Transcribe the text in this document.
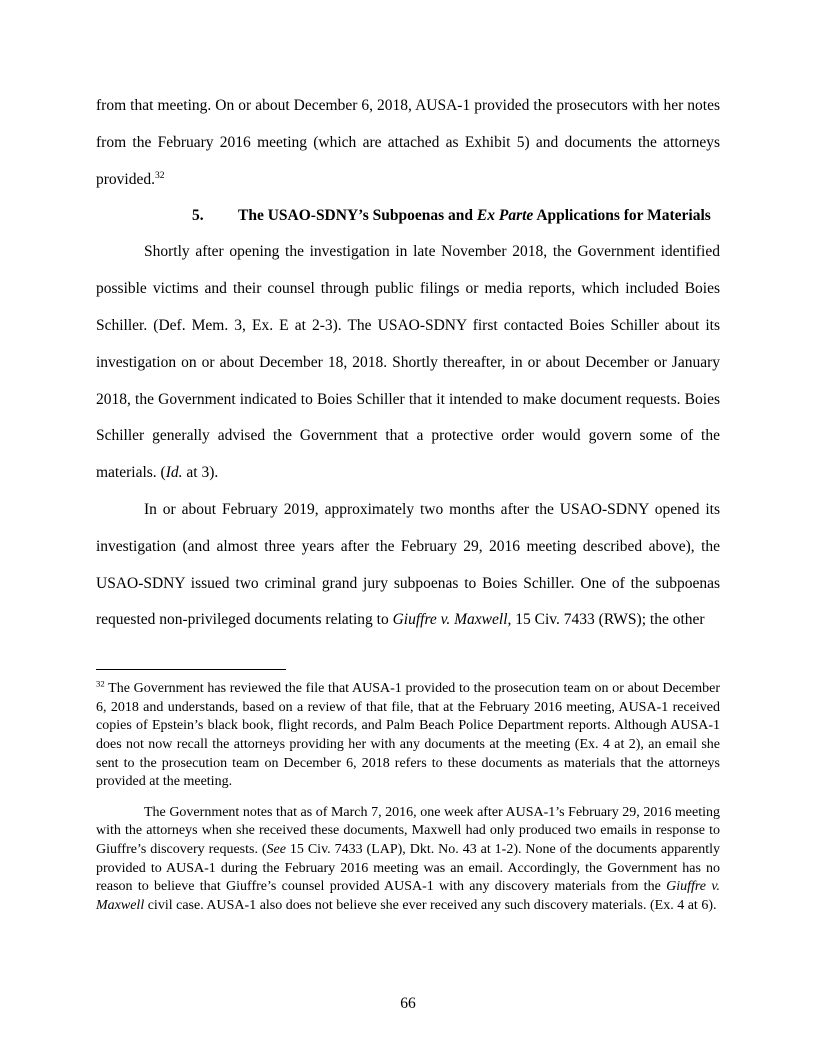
from that meeting. On or about December 6, 2018, AUSA-1 provided the prosecutors with her notes from the February 2016 meeting (which are attached as Exhibit 5) and documents the attorneys provided.$^{32}$

5.	The USAO-SDNY’s Subpoenas and Ex Parte Applications for Materials

Shortly after opening the investigation in late November 2018, the Government identified possible victims and their counsel through public filings or media reports, which included Boies Schiller. (Def. Mem. 3, Ex. E at 2-3). The USAO-SDNY first contacted Boies Schiller about its investigation on or about December 18, 2018. Shortly thereafter, in or about December or January 2018, the Government indicated to Boies Schiller that it intended to make document requests. Boies Schiller generally advised the Government that a protective order would govern some of the materials. (Id. at 3).

In or about February 2019, approximately two months after the USAO-SDNY opened its investigation (and almost three years after the February 29, 2016 meeting described above), the USAO-SDNY issued two criminal grand jury subpoenas to Boies Schiller. One of the subpoenas requested non-privileged documents relating to Giuffre v. Maxwell, 15 Civ. 7433 (RWS); the other

$^{32}$ The Government has reviewed the file that AUSA-1 provided to the prosecution team on or about December 6, 2018 and understands, based on a review of that file, that at the February 2016 meeting, AUSA-1 received copies of Epstein’s black book, flight records, and Palm Beach Police Department reports. Although AUSA-1 does not now recall the attorneys providing her with any documents at the meeting (Ex. 4 at 2), an email she sent to the prosecution team on December 6, 2018 refers to these documents as materials that the attorneys provided at the meeting.

The Government notes that as of March 7, 2016, one week after AUSA-1’s February 29, 2016 meeting with the attorneys when she received these documents, Maxwell had only produced two emails in response to Giuffre’s discovery requests. (See 15 Civ. 7433 (LAP), Dkt. No. 43 at 1-2). None of the documents apparently provided to AUSA-1 during the February 2016 meeting was an email. Accordingly, the Government has no reason to believe that Giuffre’s counsel provided AUSA-1 with any discovery materials from the Giuffre v. Maxwell civil case. AUSA-1 also does not believe she ever received any such discovery materials. (Ex. 4 at 6).

66
